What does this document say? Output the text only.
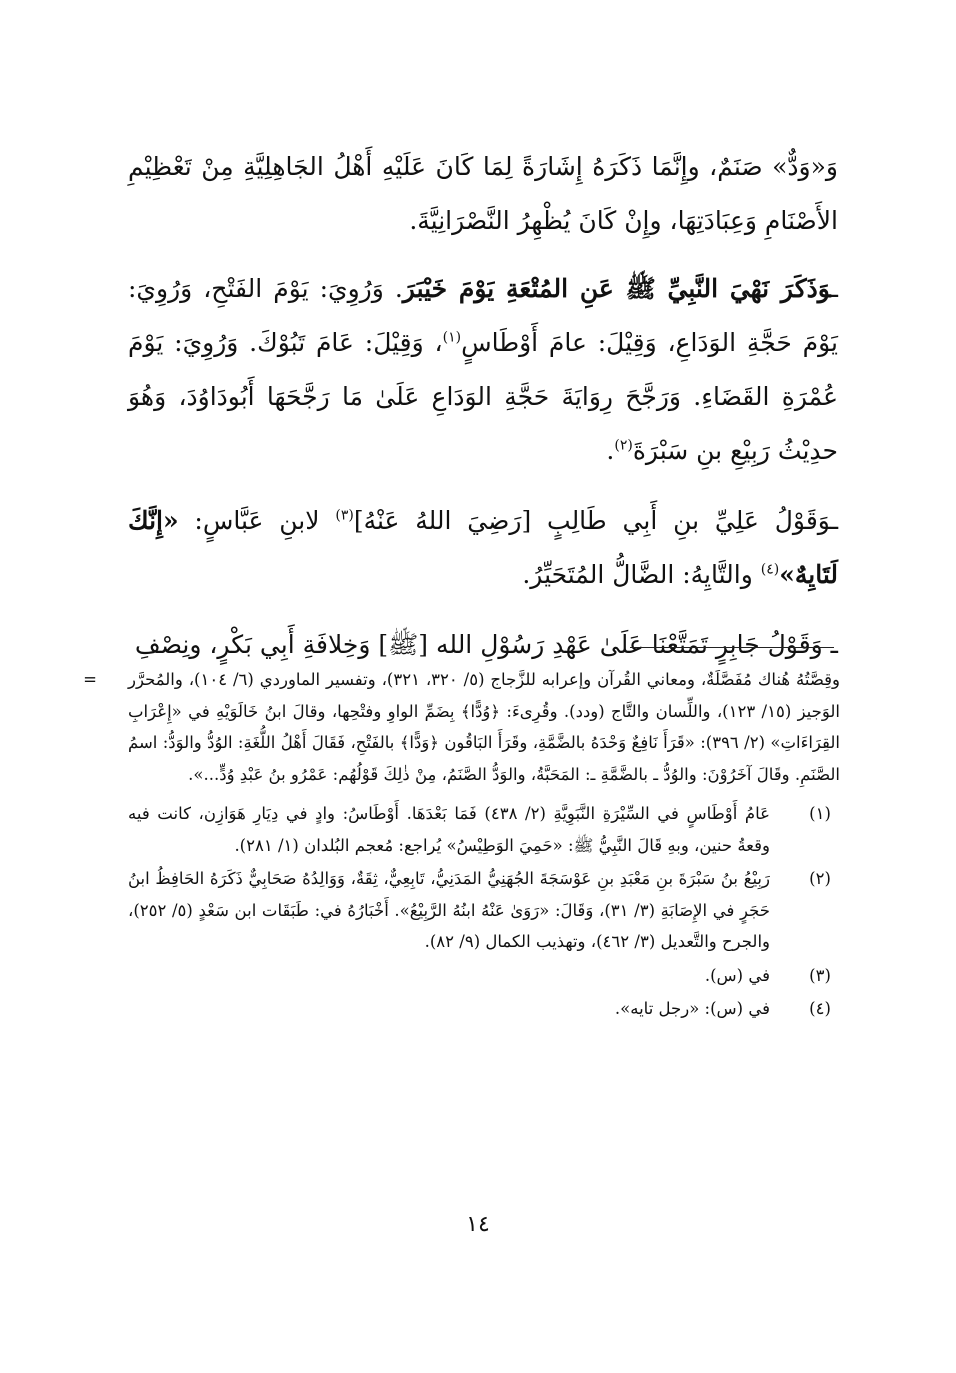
وَ«وَدٌّ» صَنَمٌ، وإِنَّمَا ذَكَرَهُ إِشَارَةً لِمَا كَانَ عَلَيْهِ أَهْلُ الجَاهِلِيَّةِ مِنْ تَعْظِيْمِ الأَصْنَامِ وَعِبَادَتِهَا، وإِنْ كَانَ يُظْهِرُ النَّصْرَانِيَّةَ.

ـوَذَكَرَ نَهْيَ النَّبِيِّ ﷺ عَنِ المُتْعَةِ يَوْمَ خَيْبَرَ. وَرُوِيَ: يَوْمَ الفَتْحِ، وَرُوِيَ: يَوْمَ حَجَّةِ الوَدَاعِ، وَقِيْلَ: عامَ أَوْطَاسٍ$^{(١)}$، وَقِيْلَ: عَامَ تَبُوْكَ. وَرُوِيَ: يَوْمَ عُمْرَةِ القَضَاءِ. وَرَجَّحَ رِوَايَةَ حَجَّةِ الوَدَاعِ عَلَىٰ مَا رَجَّحَهَا أَبُودَاوُدَ، وَهُوَ حدِيْثُ رَبِيْعِ بنِ سَبْرَةَ$^{(٢)}$.

ـوَقَوْلُ عَلِيِّ بنِ أَبِي طَالِبٍ [رَضِيَ اللهُ عَنْهُ]$^{(٣)}$ لابنِ عَبَّاسٍ: «إِنَّكَ لَتَايِهٌ»$^{(٤)}$ والتَّايِهُ: الضَّالُّ المُتَحَيِّرُ.

ـ وَقَوْلُ جَابِرٍ تَمَتَّعْنَا عَلَىٰ عَهْدِ رَسُوْلِ الله [ﷺ] وَخِلافَةِ أَبِي بَكْرٍ، ونِصْفِ

=	وقِصَّتُهُ هُناك مُفَصَّلَةٌ، ومعاني القُرآن وإعرابه للزَّجاج (٥/ ٣٢٠، ٣٢١)، وتفسير الماوردي (٦/ ١٠٤)، والمُحرَّر الوَجيز (١٥/ ١٢٣)، واللِّسان والتَّاج (ودد). وقُرِىءَ: ﴿وُدًّا﴾ بِضَمِّ الواوِ وفتْحِها، وقالَ ابنُ خَالَوَيْهِ في «إِعْرَابِ القِرَاءَاتِ» (٢/ ٣٩٦): «قَرَأَ نَافِعٌ وَحْدَهُ بالضَّمَّةِ، وقَرَأَ البَاقُون ﴿وَدًّا﴾ بالفَتْحِ، فَقَالَ أَهْلُ اللُّغَةِ: الوُدُّ والوَدُّ: اسمُ الصَّنَمِ. وقَالَ آخَرُوْنَ: والوُدُّ ـ بالضَّمَّةِ ـ: المَحَبَّةُ، والوَدُّ الصَّنَمُ، مِنْ ذٰلِكَ قَوْلُهُم: عَمْرُو بنُ عَبْدِ وُدٍّ...».
(١)
عَامُ أَوْطَاسٍ في السِّيْرَةِ النَّبَوِيَّةِ (٢/ ٤٣٨) فَمَا بَعْدَهَا. أَوْطَاسُ: وادٍ في دِيَارِ هَوَازِن، كانت فيه وقعةُ حنين، وبهِ قَالَ النَّبِيُّ ﷺ: «حَمِيَ الوَطِيْسُ» يُراجع: مُعجم البُلدان (١/ ٢٨١).
(٢)
رَبِيْعُ بنُ سَبْرَةَ بنِ مَعْبَدِ بنِ عَوْسَجَةَ الجُهَنِيُّ المَدَنِيُّ، تَابِعِيٌّ، ثِقَةٌ، وَوَالِدُهُ صَحَابِيٌّ ذَكَرَهُ الحَافِظُ ابنُ حَجَرٍ في الإِصَابَةِ (٣/ ٣١)، وَقَالَ: «رَوَىٰ عَنْهُ ابنُهُ الرَّبِيْعُ». أَخْبَارُهُ في: طَبَقَات ابن سَعْدٍ (٥/ ٢٥٢)، والجرح والتَّعديل (٣/ ٤٦٢)، وتهذيب الكمال (٩/ ٨٢).
(٣)
في (س).
(٤)
في (س): «رجل تايه».
١٤
